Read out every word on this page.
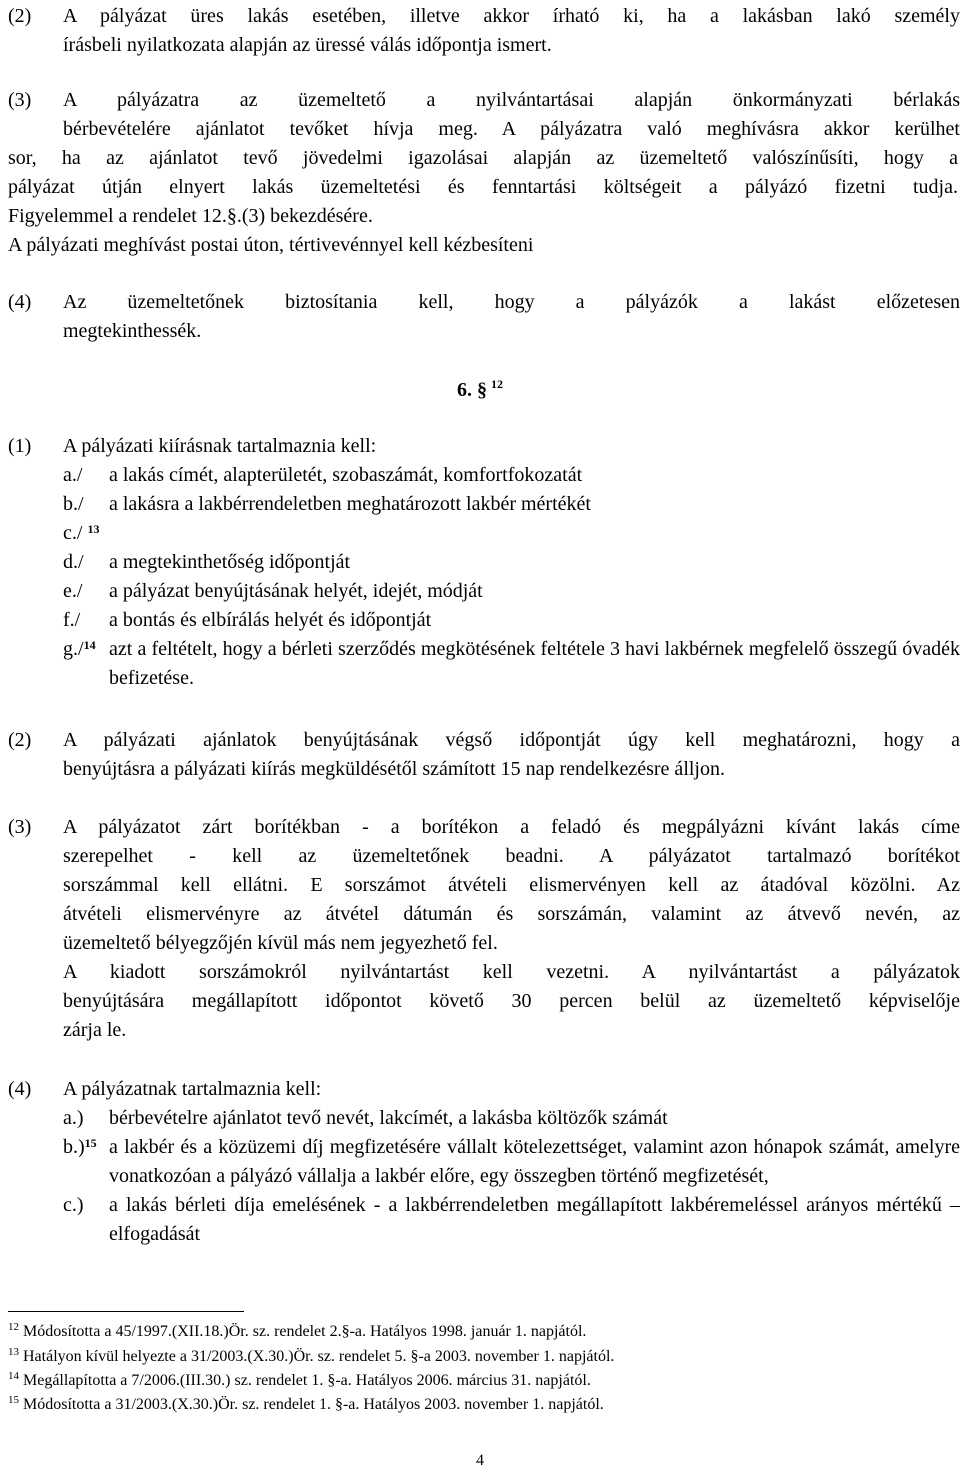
(2)	A pályázat üres lakás esetében, illetve akkor írható ki, ha a lakásban lakó személy
írásbeli nyilatkozata alapján az üressé válás időpontja ismert.
(3)	A pályázatra az üzemeltető a nyilvántartásai alapján önkormányzati bérlakás
bérbevételére ajánlatot tevőket hívja meg. A pályázatra való meghívásra akkor kerülhet
sor, ha az ajánlatot tevő jövedelmi igazolásai alapján az üzemeltető valószínűsíti, hogy a
pályázat útján elnyert lakás üzemeltetési és fenntartási költségeit a pályázó fizetni tudja.
Figyelemmel a rendelet 12.§.(3) bekezdésére.
A pályázati meghívást postai úton, tértivevénnyel kell kézbesíteni
(4)	Az üzemeltetőnek biztosítania kell, hogy a pályázók a lakást előzetesen
megtekinthessék.
6. § $^{12}$
(1)	A pályázati kiírásnak tartalmaznia kell:
a./	a lakás címét, alapterületét, szobaszámát, komfortfokozatát
b./	a lakásra a lakbérrendeletben meghatározott lakbér mértékét
c./ $^{13}$
d./	a megtekinthetőség időpontját
e./	a pályázat benyújtásának helyét, idejét, módját
f./	a bontás és elbírálás helyét és időpontját
g./$^{14}$ azt a feltételt, hogy a bérleti szerződés megkötésének feltétele 3 havi lakbérnek megfelelő összegű óvadék befizetése.
(2)	A pályázati ajánlatok benyújtásának végső időpontját úgy kell meghatározni, hogy a
benyújtásra a pályázati kiírás megküldésétől számított 15 nap rendelkezésre álljon.
(3)	A pályázatot zárt borítékban - a borítékon a feladó és megpályázni kívánt lakás címe
szerepelhet - kell az üzemeltetőnek beadni. A pályázatot tartalmazó borítékot
sorszámmal kell ellátni. E sorszámot átvételi elismervényen kell az átadóval közölni. Az
átvételi elismervényre az átvétel dátumán és sorszámán, valamint az átvevő nevén, az
üzemeltető bélyegzőjén kívül más nem jegyezhető fel.
A kiadott sorszámokról nyilvántartást kell vezetni. A nyilvántartást a pályázatok
benyújtására megállapított időpontot követő 30 percen belül az üzemeltető képviselője
zárja le.
(4)	A pályázatnak tartalmaznia kell:
a.)	bérbevételre ajánlatot tevő nevét, lakcímét, a lakásba költözők számát
b.)$^{15}$ a lakbér és a közüzemi díj megfizetésére vállalt kötelezettséget, valamint azon hónapok számát, amelyre vonatkozóan a pályázó vállalja a lakbér előre, egy összegben történő megfizetését,
c.)	a lakás bérleti díja emelésének - a lakbérrendeletben megállapított lakbéremeléssel arányos mértékű – elfogadását
$^{12}$ Módosította a 45/1997.(XII.18.)Ör. sz. rendelet 2.§-a. Hatályos 1998. január 1. napjától.
$^{13}$ Hatályon kívül helyezte a 31/2003.(X.30.)Ör. sz. rendelet 5. §-a 2003. november 1. napjától.
$^{14}$ Megállapította a 7/2006.(III.30.) sz. rendelet 1. §-a. Hatályos 2006. március 31. napjától.
$^{15}$ Módosította a 31/2003.(X.30.)Ör. sz. rendelet 1. §-a. Hatályos 2003. november 1. napjától.
4
